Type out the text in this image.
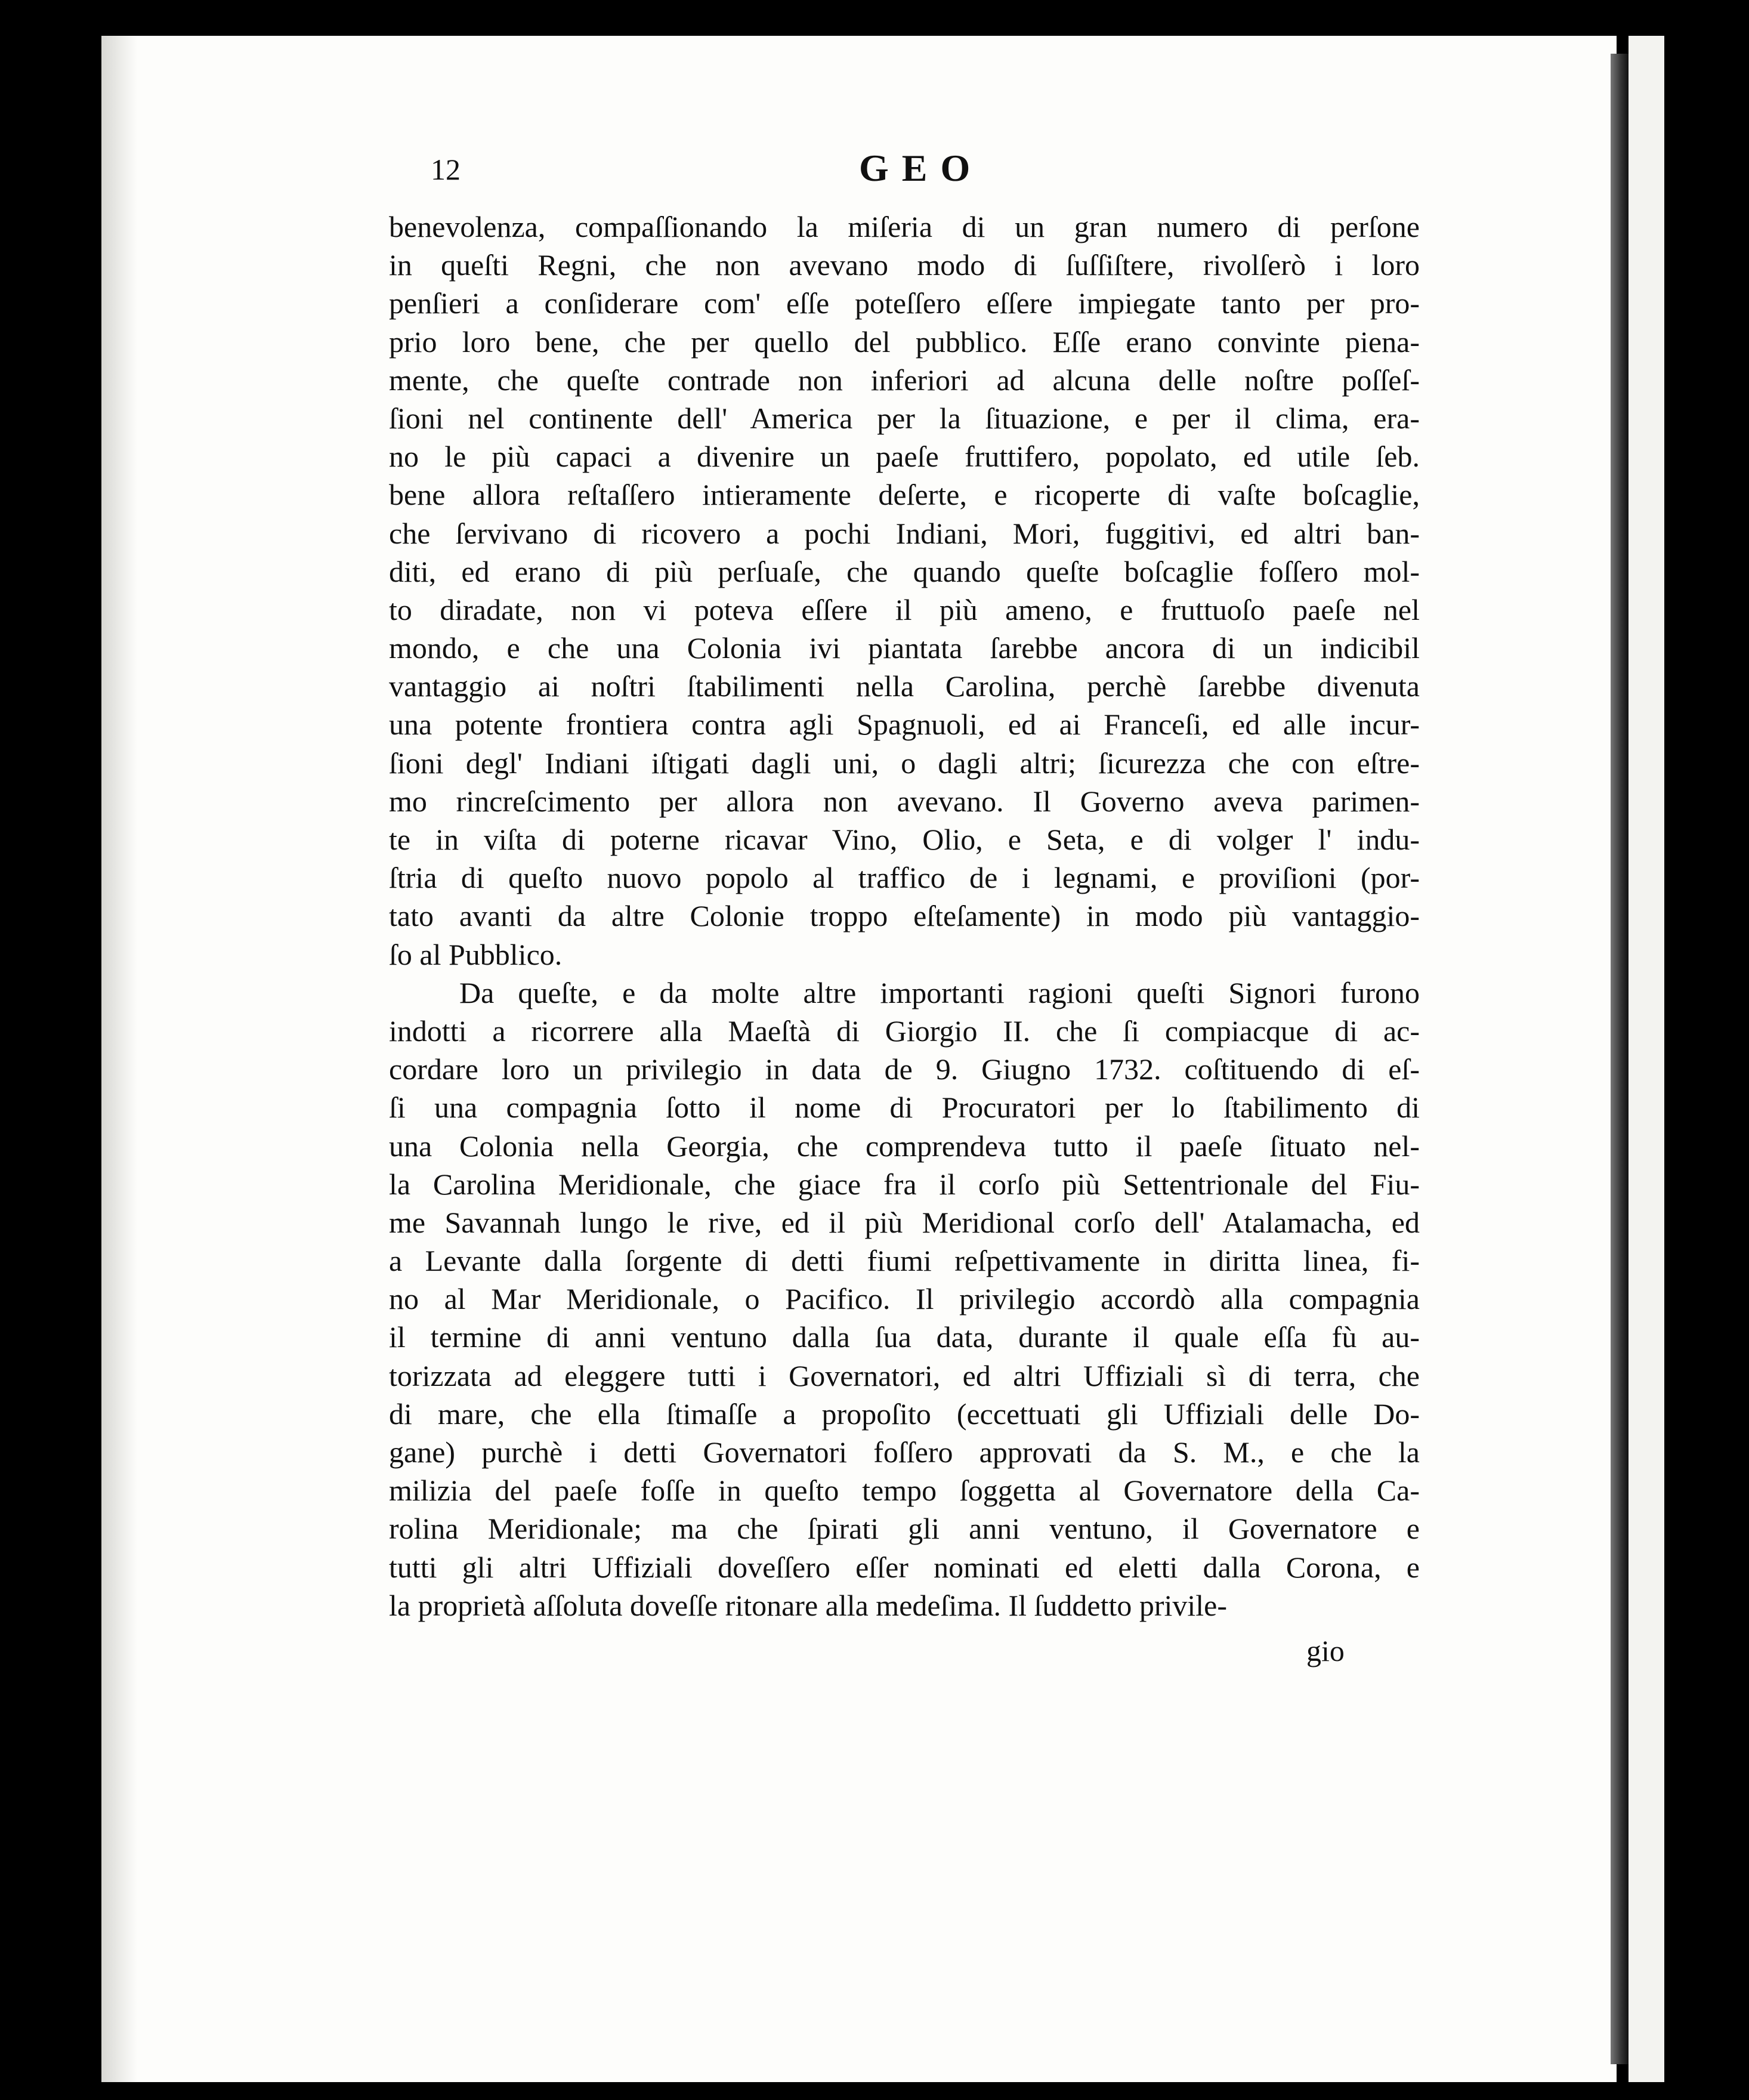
12	GEO
benevolenza, compaſſionando la miſeria di un gran numero di perſone
in queſti Regni, che non avevano modo di ſuſſiſtere, rivolſerò i loro
penſieri a conſiderare com' eſſe poteſſero eſſere impiegate tanto per pro-
prio loro bene, che per quello del pubblico. Eſſe erano convinte piena-
mente, che queſte contrade non inferiori ad alcuna delle noſtre poſſeſ-
ſioni nel continente dell' America per la ſituazione, e per il clima, era-
no le più capaci a divenire un paeſe fruttifero, popolato, ed utile ſeb.
bene allora reſtaſſero intieramente deſerte, e ricoperte di vaſte boſcaglie,
che ſervivano di ricovero a pochi Indiani, Mori, fuggitivi, ed altri ban-
diti, ed erano di più perſuaſe, che quando queſte boſcaglie foſſero mol-
to diradate, non vi poteva eſſere il più ameno, e fruttuoſo paeſe nel
mondo, e che una Colonia ivi piantata ſarebbe ancora di un indicibil
vantaggio ai noſtri ſtabilimenti nella Carolina, perchè ſarebbe divenuta
una potente frontiera contra agli Spagnuoli, ed ai Franceſi, ed alle incur-
ſioni degl' Indiani iſtigati dagli uni, o dagli altri; ſicurezza che con eſtre-
mo rincreſcimento per allora non avevano. Il Governo aveva parimen-
te in viſta di poterne ricavar Vino, Olio, e Seta, e di volger l' indu-
ſtria di queſto nuovo popolo al traffico de i legnami, e proviſioni (por-
tato avanti da altre Colonie troppo eſteſamente) in modo più vantaggio-
ſo al Pubblico.
Da queſte, e da molte altre importanti ragioni queſti Signori furono
indotti a ricorrere alla Maeſtà di Giorgio II. che ſi compiacque di ac-
cordare loro un privilegio in data de 9. Giugno 1732. coſtituendo di eſ-
ſi una compagnia ſotto il nome di Procuratori per lo ſtabilimento di
una Colonia nella Georgia, che comprendeva tutto il paeſe ſituato nel-
la Carolina Meridionale, che giace fra il corſo più Settentrionale del Fiu-
me Savannah lungo le rive, ed il più Meridional corſo dell' Atalamacha, ed
a Levante dalla ſorgente di detti fiumi reſpettivamente in diritta linea, fi-
no al Mar Meridionale, o Pacifico. Il privilegio accordò alla compagnia
il termine di anni ventuno dalla ſua data, durante il quale eſſa fù au-
torizzata ad eleggere tutti i Governatori, ed altri Uffiziali sì di terra, che
di mare, che ella ſtimaſſe a propoſito (eccettuati gli Uffiziali delle Do-
gane) purchè i detti Governatori foſſero approvati da S. M., e che la
milizia del paeſe foſſe in queſto tempo ſoggetta al Governatore della Ca-
rolina Meridionale; ma che ſpirati gli anni ventuno, il Governatore e
tutti gli altri Uffiziali doveſſero eſſer nominati ed eletti dalla Corona, e
la proprietà aſſoluta doveſſe ritonare alla medeſima. Il ſuddetto privile-
gio
